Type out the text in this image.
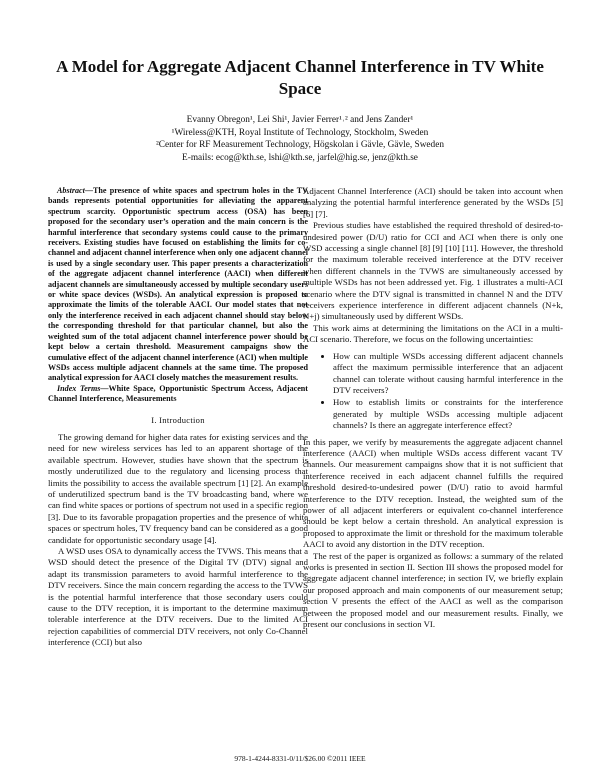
A Model for Aggregate Adjacent Channel Interference in TV White Space
Evanny Obregon¹, Lei Shi¹, Javier Ferrer¹˒² and Jens Zander¹
¹Wireless@KTH, Royal Institute of Technology, Stockholm, Sweden
²Center for RF Measurement Technology, Högskolan i Gävle, Gävle, Sweden
E-mails: ecog@kth.se, lshi@kth.se, jarfel@hig.se, jenz@kth.se

Abstract—The presence of white spaces and spectrum holes in the TV bands represents potential opportunities for alleviating the apparent spectrum scarcity. Opportunistic spectrum access (OSA) has been proposed for the secondary user’s operation and the main concern is the harmful interference that secondary systems could cause to the primary receivers. Existing studies have focused on establishing the limits for co-channel and adjacent channel interference when only one adjacent channel is used by a single secondary user. This paper presents a characterization of the aggregate adjacent channel interference (AACI) when different adjacent channels are simultaneously accessed by multiple secondary users or white space devices (WSDs). An analytical expression is proposed to approximate the limits of the tolerable AACI. Our model states that not only the interference received in each adjacent channel should stay below the corresponding threshold for that particular channel, but also the weighted sum of the total adjacent channel interference power should be kept below a certain threshold. Measurement campaigns show the cumulative effect of the adjacent channel interference (ACI) when multiple WSDs access multiple adjacent channels at the same time. The proposed analytical expression for AACI closely matches the measurement results.

Index Terms—White Space, Opportunistic Spectrum Access, Adjacent Channel Interference, Measurements

I. Introduction

The growing demand for higher data rates for existing services and the need for new wireless services has led to an apparent shortage of the available spectrum. However, studies have shown that the spectrum is mostly underutilized due to the regulatory and licensing process that limits the possibility to access the available spectrum [1] [2]. An example of underutilized spectrum band is the TV broadcasting band, where we can find white spaces or portions of spectrum not used in a specific region [3]. Due to its favorable propagation properties and the presence of white spaces or spectrum holes, TV frequency band can be considered as a good candidate for opportunistic secondary usage [4].

A WSD uses OSA to dynamically access the TVWS. This means that a WSD should detect the presence of the Digital TV (DTV) signal and adapt its transmission parameters to avoid harmful interference to the DTV receivers. Since the main concern regarding the access to the TVWS is the potential harmful interference that those secondary users could cause to the DTV reception, it is important to the determine maximum tolerable interference at the DTV receivers. Due to the limited ACI rejection capabilities of commercial DTV receivers, not only Co-Channel interference (CCI) but also

Adjacent Channel Interference (ACI) should be taken into account when analyzing the potential harmful interference generated by the WSDs [5] [6] [7].

Previous studies have established the required threshold of desired-to-undesired power (D/U) ratio for CCI and ACI when there is only one WSD accessing a single channel [8] [9] [10] [11]. However, the threshold for the maximum tolerable received interference at the DTV receiver when different channels in the TVWS are simultaneously accessed by multiple WSDs has not been addressed yet. Fig. 1 illustrates a multi-ACI scenario where the DTV signal is transmitted in channel N and the DTV receivers experience interference in different adjacent channels (N+k, N+j) simultaneously used by different WSDs.

This work aims at determining the limitations on the ACI in a multi-ACI scenario. Therefore, we focus on the following uncertainties:

• How can multiple WSDs accessing different adjacent channels affect the maximum permissible interference that an adjacent channel can tolerate without causing harmful interference in the DTV receivers?
• How to establish limits or constraints for the interference generated by multiple WSDs accessing multiple adjacent channels? Is there an aggregate interference effect?

In this paper, we verify by measurements the aggregate adjacent channel interference (AACI) when multiple WSDs access different vacant TV channels. Our measurement campaigns show that it is not sufficient that interference received in each adjacent channel fulfills the required threshold desired-to-undesired power (D/U) ratio to avoid harmful interference to the DTV reception. Instead, the weighted sum of the power of all adjacent interferers or equivalent co-channel interference should be kept below a certain threshold. An analytical expression is proposed to approximate the limit or threshold for the maximum tolerable AACI to avoid any distortion in the DTV reception.

The rest of the paper is organized as follows: a summary of the related works is presented in section II. Section III shows the proposed model for aggregate adjacent channel interference; in section IV, we briefly explain our proposed approach and main components of our measurement setup; section V presents the effect of the AACI as well as the comparison between the proposed model and our measurement results. Finally, we present our conclusions in section VI.

978-1-4244-8331-0/11/$26.00 ©2011 IEEE
